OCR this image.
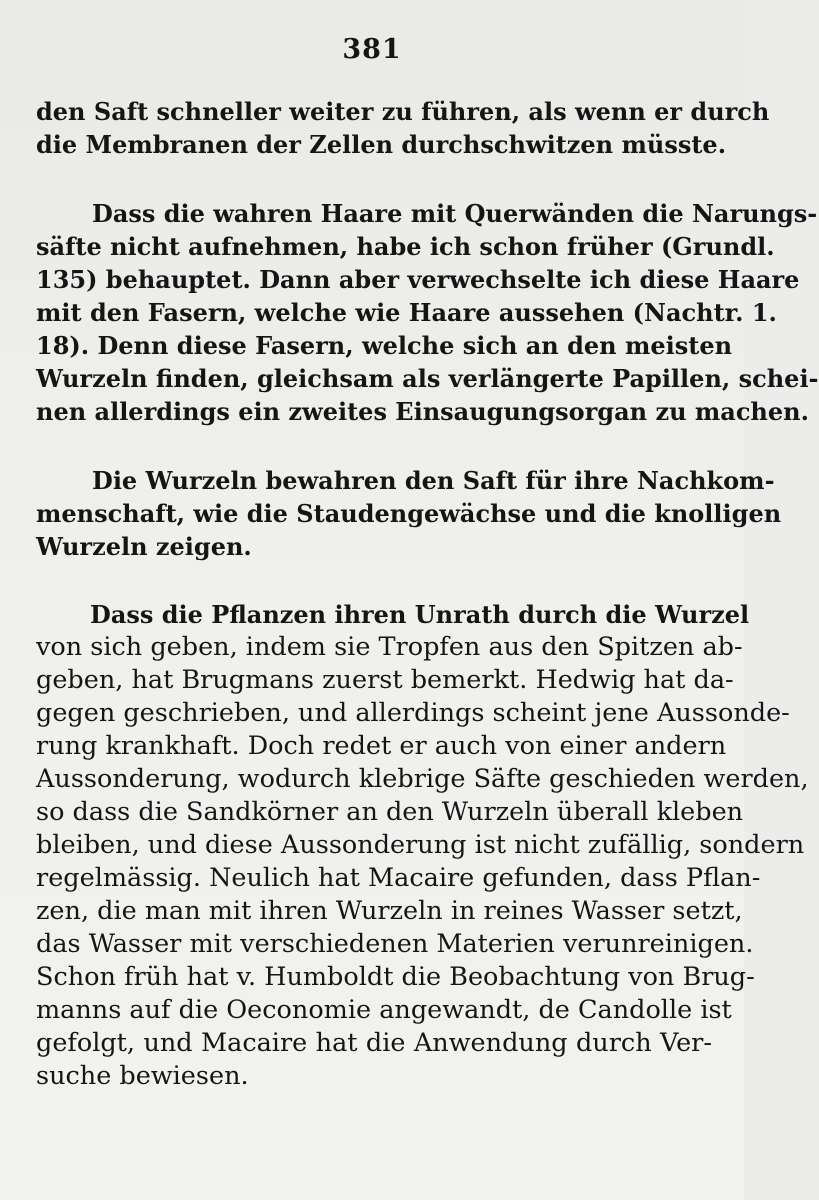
381
den Saft schneller weiter zu führen, als wenn er durch
die Membranen der Zellen durchschwitzen müsste.
Dass die wahren Haare mit Querwänden die Narungs-
säfte nicht aufnehmen, habe ich schon früher (Grundl.
135) behauptet. Dann aber verwechselte ich diese Haare
mit den Fasern, welche wie Haare aussehen (Nachtr. 1.
18). Denn diese Fasern, welche sich an den meisten
Wurzeln finden, gleichsam als verlängerte Papillen, schei-
nen allerdings ein zweites Einsaugungsorgan zu machen.
Die Wurzeln bewahren den Saft für ihre Nachkom-
menschaft, wie die Staudengewächse und die knolligen
Wurzeln zeigen.
Dass die Pflanzen ihren Unrath durch die Wurzel
von sich geben, indem sie Tropfen aus den Spitzen ab-
geben, hat Brugmans zuerst bemerkt. Hedwig hat da-
gegen geschrieben, und allerdings scheint jene Aussonde-
rung krankhaft. Doch redet er auch von einer andern
Aussonderung, wodurch klebrige Säfte geschieden werden,
so dass die Sandkörner an den Wurzeln überall kleben
bleiben, und diese Aussonderung ist nicht zufällig, sondern
regelmässig. Neulich hat Macaire gefunden, dass Pflan-
zen, die man mit ihren Wurzeln in reines Wasser setzt,
das Wasser mit verschiedenen Materien verunreinigen.
Schon früh hat v. Humboldt die Beobachtung von Brug-
manns auf die Oeconomie angewandt, de Candolle ist
gefolgt, und Macaire hat die Anwendung durch Ver-
suche bewiesen.
